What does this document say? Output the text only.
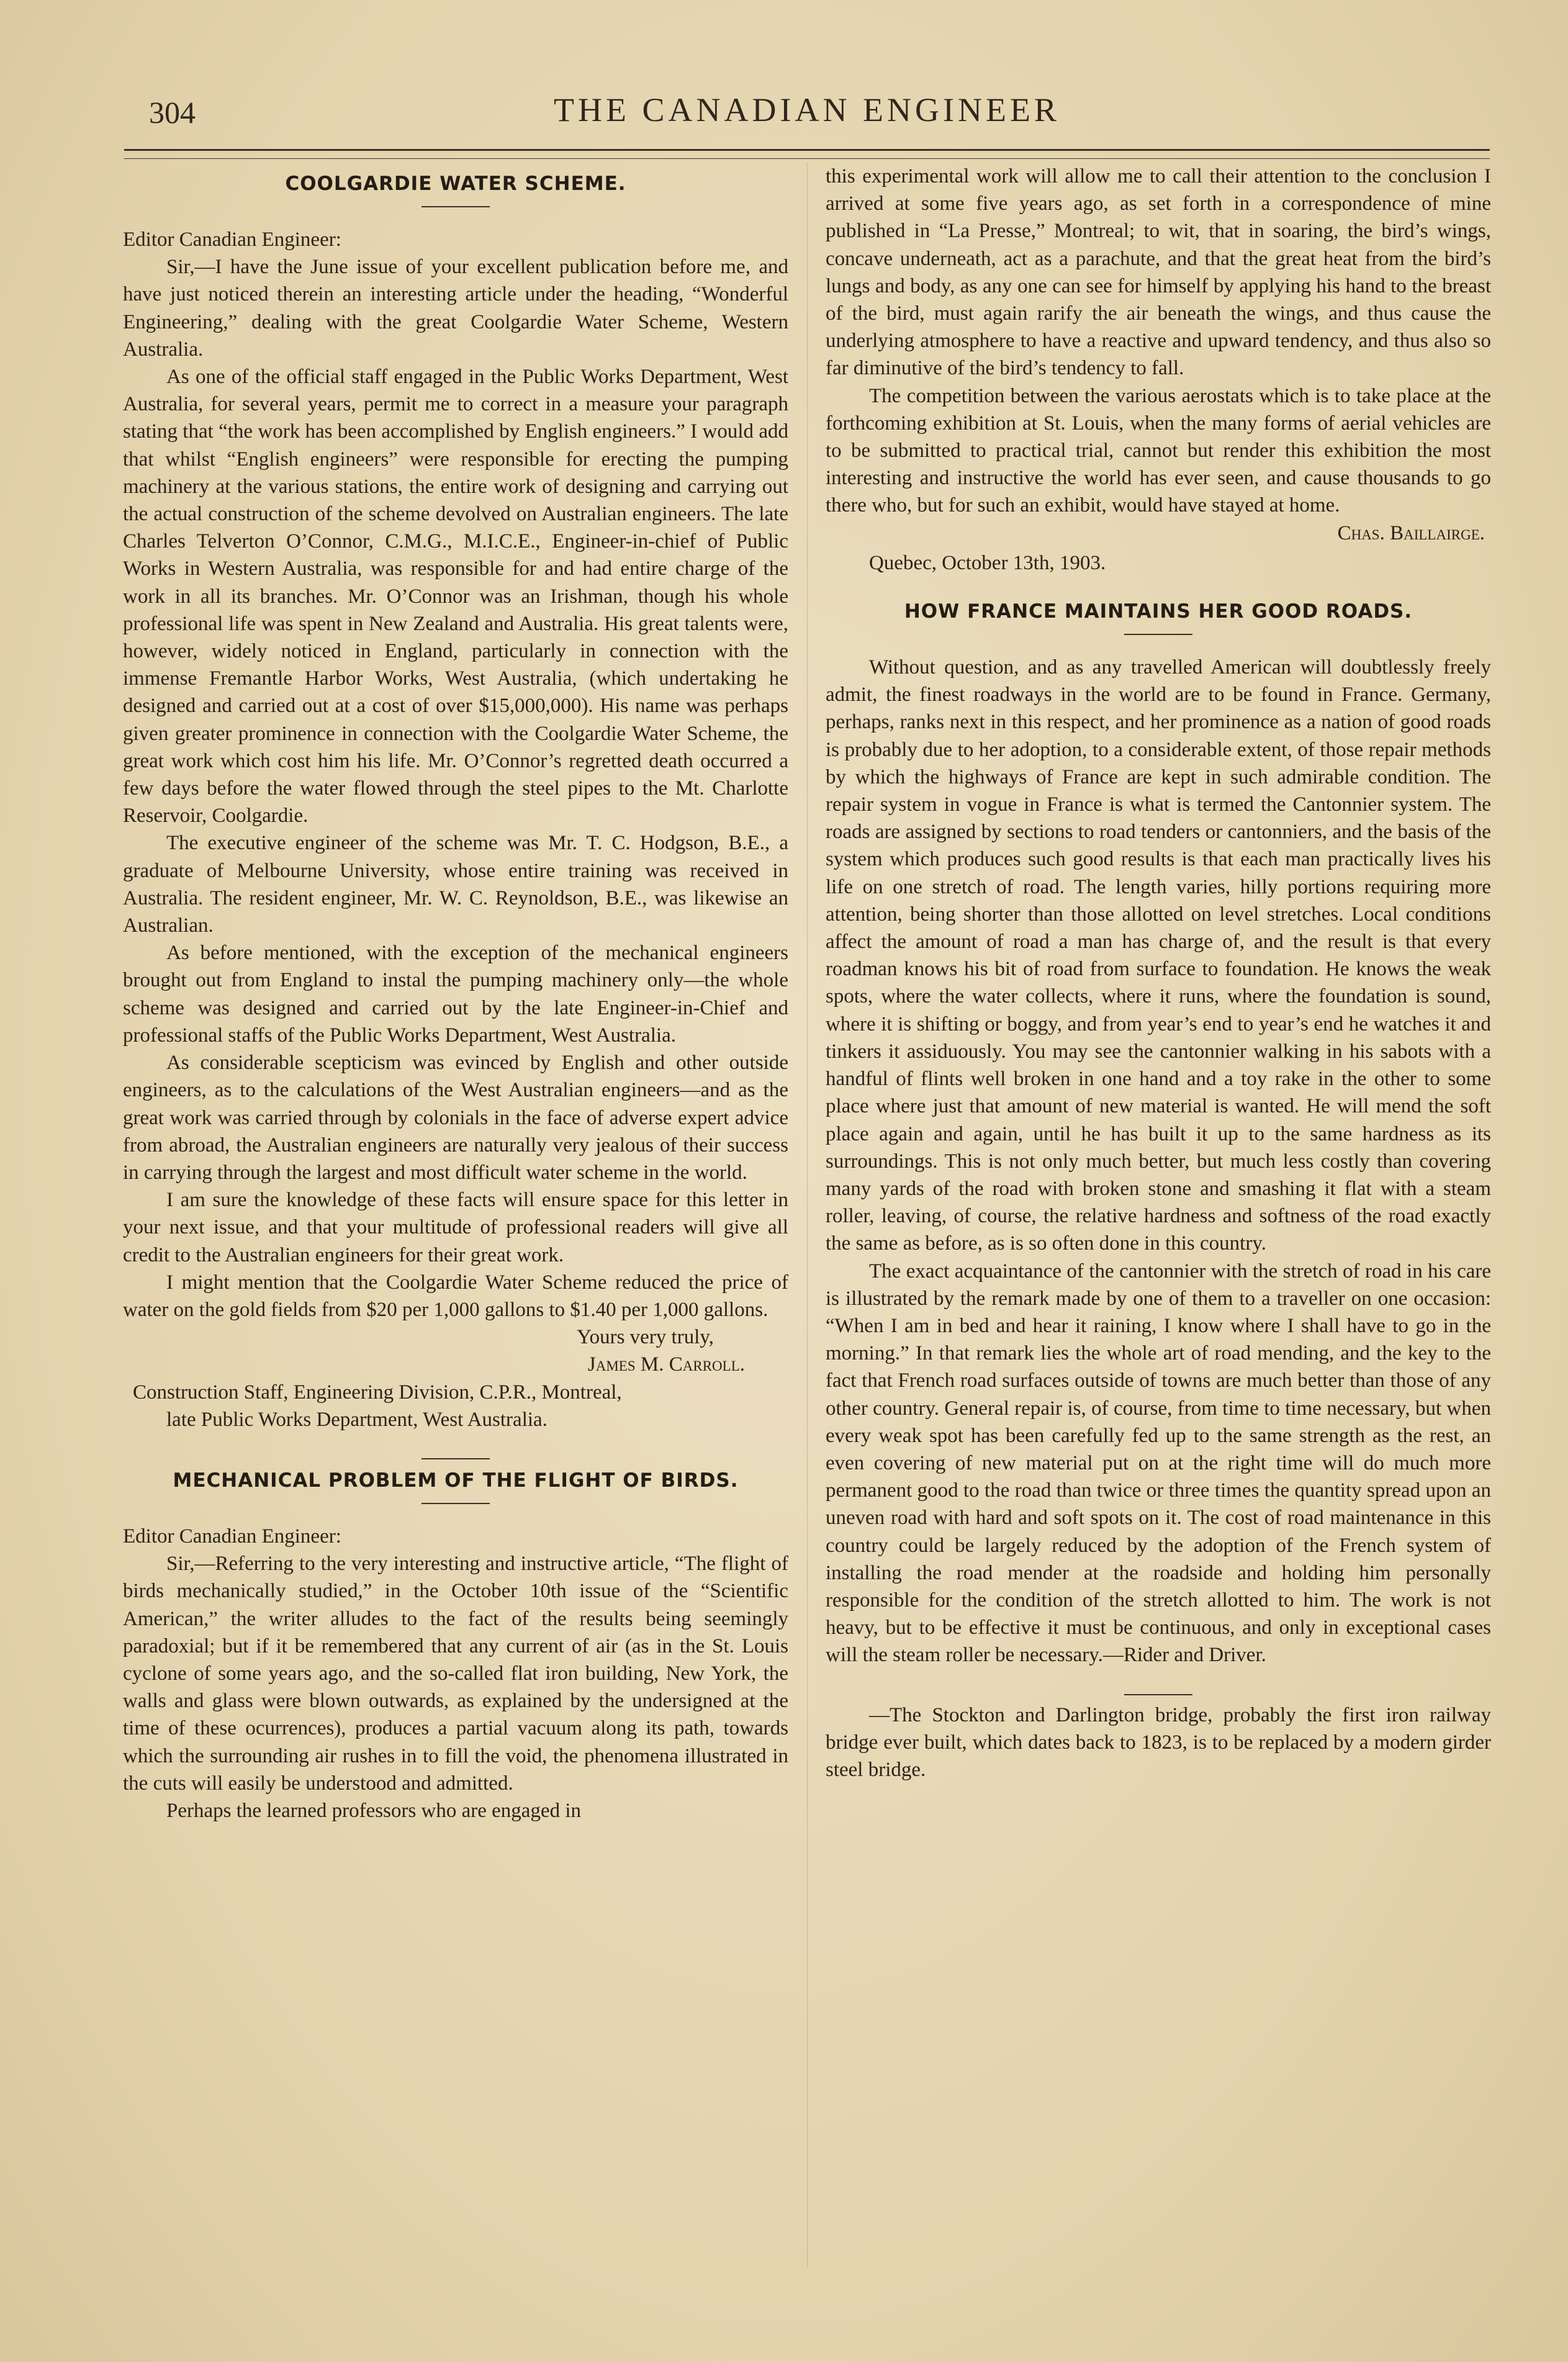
304	THE CANADIAN ENGINEER
COOLGARDIE WATER SCHEME.

Editor Canadian Engineer:

Sir,—I have the June issue of your excellent publication before me, and have just noticed therein an interesting article under the heading, “Wonderful Engineering,” dealing with the great Coolgardie Water Scheme, Western Australia.

As one of the official staff engaged in the Public Works Department, West Australia, for several years, permit me to correct in a measure your paragraph stating that “the work has been accomplished by English engineers.” I would add that whilst “English engineers” were responsible for erecting the pumping machinery at the various stations, the entire work of designing and carrying out the actual construction of the scheme devolved on Australian engineers. The late Charles Telverton O’Connor, C.M.G., M.I.C.E., Engineer-in-chief of Public Works in Western Australia, was responsible for and had entire charge of the work in all its branches. Mr. O’Connor was an Irishman, though his whole professional life was spent in New Zealand and Australia. His great talents were, however, widely noticed in England, particularly in connection with the immense Fremantle Harbor Works, West Australia, (which undertaking he designed and carried out at a cost of over $15,000,000). His name was perhaps given greater prominence in connection with the Coolgardie Water Scheme, the great work which cost him his life. Mr. O’Connor’s regretted death occurred a few days before the water flowed through the steel pipes to the Mt. Charlotte Reservoir, Coolgardie.

The executive engineer of the scheme was Mr. T. C. Hodgson, B.E., a graduate of Melbourne University, whose entire training was received in Australia. The resident engineer, Mr. W. C. Reynoldson, B.E., was likewise an Australian.

As before mentioned, with the exception of the mechanical engineers brought out from England to instal the pumping machinery only—the whole scheme was designed and carried out by the late Engineer-in-Chief and professional staffs of the Public Works Department, West Australia.

As considerable scepticism was evinced by English and other outside engineers, as to the calculations of the West Australian engineers—and as the great work was carried through by colonials in the face of adverse expert advice from abroad, the Australian engineers are naturally very jealous of their success in carrying through the largest and most difficult water scheme in the world.

I am sure the knowledge of these facts will ensure space for this letter in your next issue, and that your multitude of professional readers will give all credit to the Australian engineers for their great work.

I might mention that the Coolgardie Water Scheme reduced the price of water on the gold fields from $20 per 1,000 gallons to $1.40 per 1,000 gallons.

Yours very truly,

James M. Carroll.

Construction Staff, Engineering Division, C.P.R., Montreal,

late Public Works Department, West Australia.

MECHANICAL PROBLEM OF THE FLIGHT OF BIRDS.

Editor Canadian Engineer:

Sir,—Referring to the very interesting and instructive article, “The flight of birds mechanically studied,” in the October 10th issue of the “Scientific American,” the writer alludes to the fact of the results being seemingly paradoxial; but if it be remembered that any current of air (as in the St. Louis cyclone of some years ago, and the so-called flat iron building, New York, the walls and glass were blown outwards, as explained by the undersigned at the time of these ocurrences), produces a partial vacuum along its path, towards which the surrounding air rushes in to fill the void, the phenomena illustrated in the cuts will easily be understood and admitted.

Perhaps the learned professors who are engaged in

this experimental work will allow me to call their attention to the conclusion I arrived at some five years ago, as set forth in a correspondence of mine published in “La Presse,” Montreal; to wit, that in soaring, the bird’s wings, concave underneath, act as a parachute, and that the great heat from the bird’s lungs and body, as any one can see for himself by applying his hand to the breast of the bird, must again rarify the air beneath the wings, and thus cause the underlying atmosphere to have a reactive and upward tendency, and thus also so far diminutive of the bird’s tendency to fall.

The competition between the various aerostats which is to take place at the forthcoming exhibition at St. Louis, when the many forms of aerial vehicles are to be submitted to practical trial, cannot but render this exhibition the most interesting and instructive the world has ever seen, and cause thousands to go there who, but for such an exhibit, would have stayed at home.

Chas. Baillairge.

Quebec, October 13th, 1903.

HOW FRANCE MAINTAINS HER GOOD ROADS.

Without question, and as any travelled American will doubtlessly freely admit, the finest roadways in the world are to be found in France. Germany, perhaps, ranks next in this respect, and her prominence as a nation of good roads is probably due to her adoption, to a considerable extent, of those repair methods by which the highways of France are kept in such admirable condition. The repair system in vogue in France is what is termed the Cantonnier system. The roads are assigned by sections to road tenders or cantonniers, and the basis of the system which produces such good results is that each man practically lives his life on one stretch of road. The length varies, hilly portions requiring more attention, being shorter than those allotted on level stretches. Local conditions affect the amount of road a man has charge of, and the result is that every roadman knows his bit of road from surface to foundation. He knows the weak spots, where the water collects, where it runs, where the foundation is sound, where it is shifting or boggy, and from year’s end to year’s end he watches it and tinkers it assiduously. You may see the cantonnier walking in his sabots with a handful of flints well broken in one hand and a toy rake in the other to some place where just that amount of new material is wanted. He will mend the soft place again and again, until he has built it up to the same hardness as its surroundings. This is not only much better, but much less costly than covering many yards of the road with broken stone and smashing it flat with a steam roller, leaving, of course, the relative hardness and softness of the road exactly the same as before, as is so often done in this country.

The exact acquaintance of the cantonnier with the stretch of road in his care is illustrated by the remark made by one of them to a traveller on one occasion: “When I am in bed and hear it raining, I know where I shall have to go in the morning.” In that remark lies the whole art of road mending, and the key to the fact that French road surfaces outside of towns are much better than those of any other country. General repair is, of course, from time to time necessary, but when every weak spot has been carefully fed up to the same strength as the rest, an even covering of new material put on at the right time will do much more permanent good to the road than twice or three times the quantity spread upon an uneven road with hard and soft spots on it. The cost of road maintenance in this country could be largely reduced by the adoption of the French system of installing the road mender at the roadside and holding him personally responsible for the condition of the stretch allotted to him. The work is not heavy, but to be effective it must be continuous, and only in exceptional cases will the steam roller be necessary.—Rider and Driver.

—The Stockton and Darlington bridge, probably the first iron railway bridge ever built, which dates back to 1823, is to be replaced by a modern girder steel bridge.
